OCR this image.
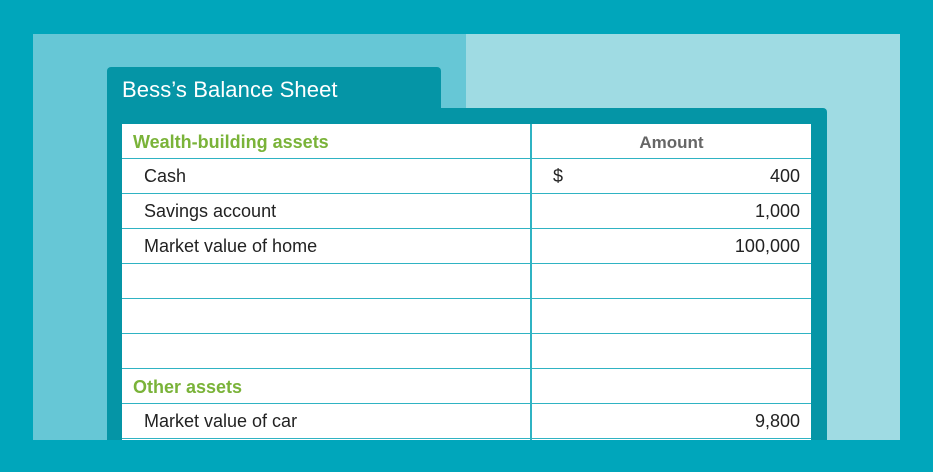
Bess’s Balance Sheet
Wealth-building assets	Amount
Cash	$	400
Savings account	1,000
Market value of home	100,000
Other assets
Market value of car	9,800
